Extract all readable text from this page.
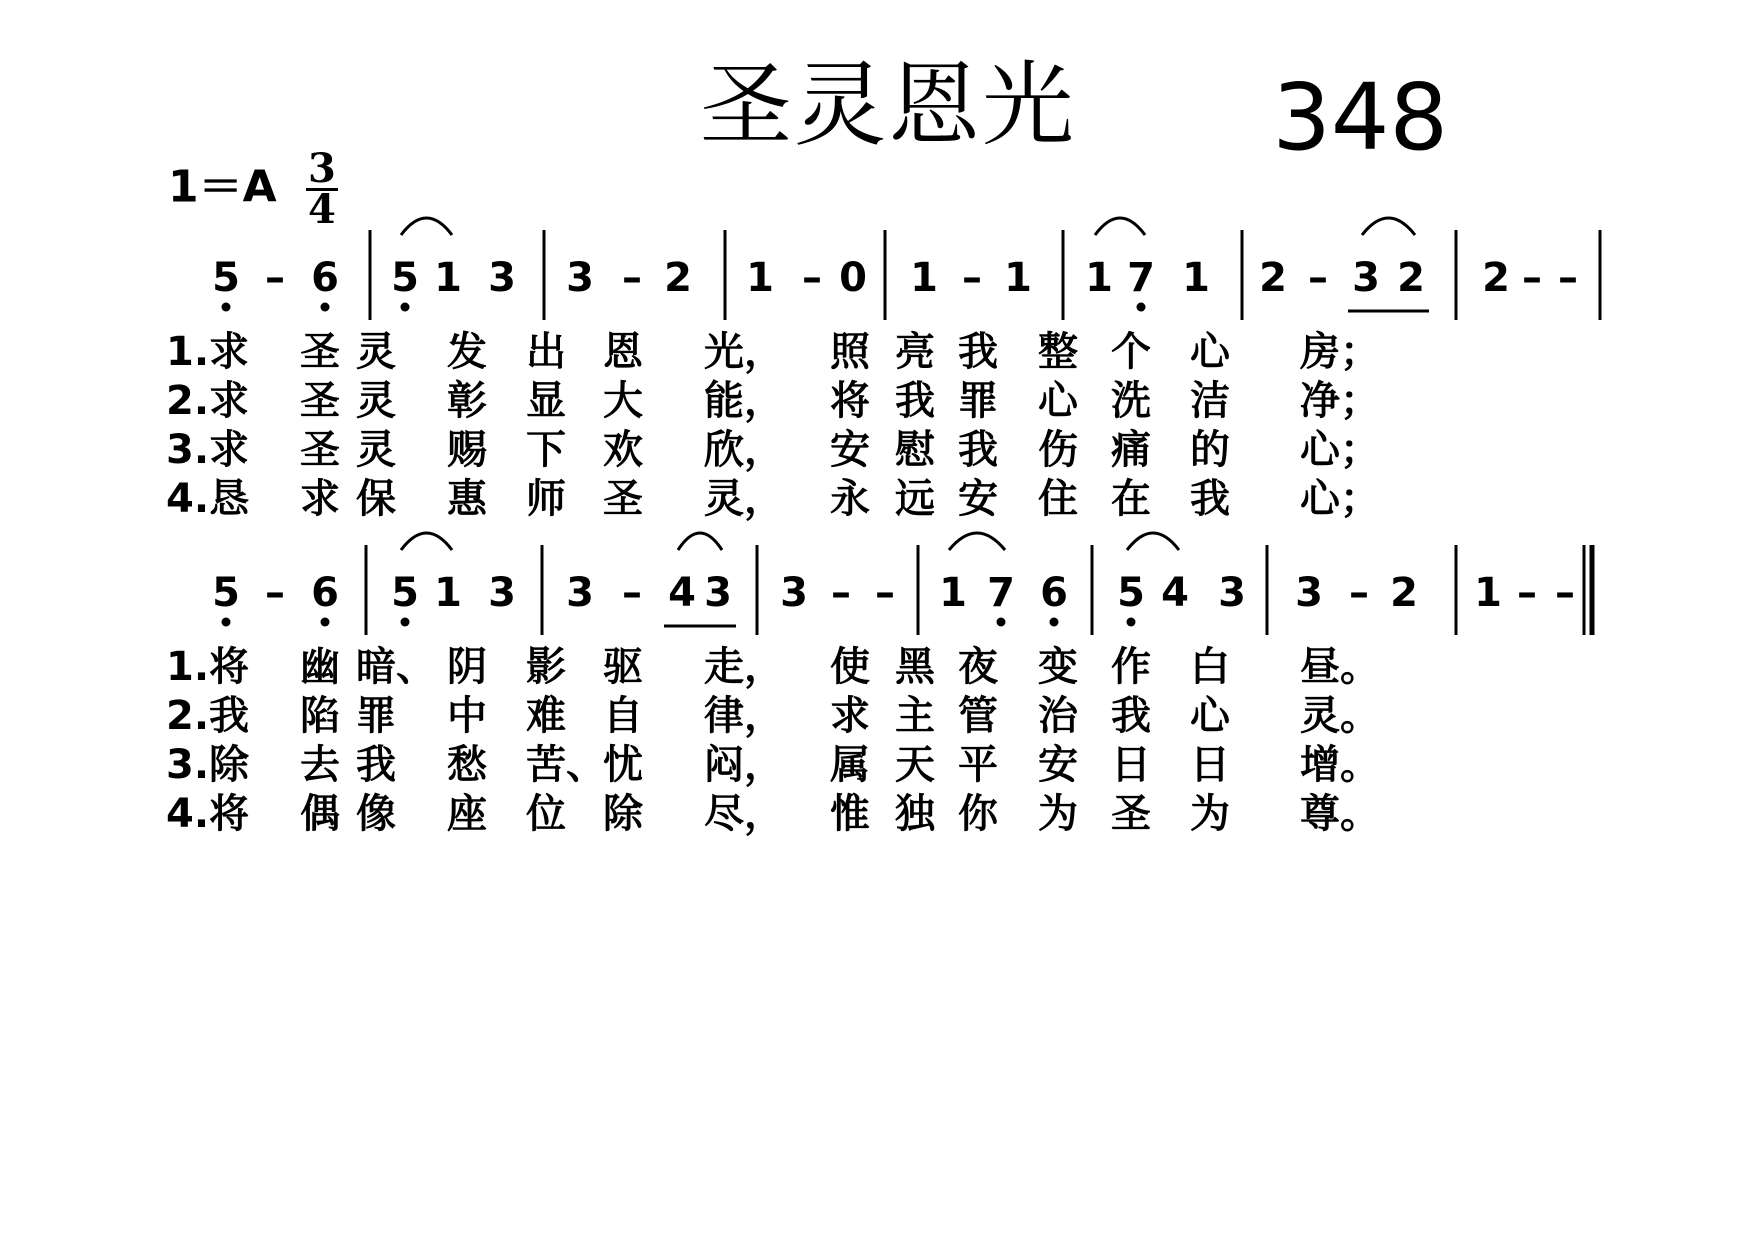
圣灵恩光 348
$1=A \frac{3}{4}$
5 – 6 5 1 3 3 – 2 1 – 0 1 – 1 1 7 1 2 – 3 2 2 – –
5 – 6 5 1 3 3 – 4 3 3 – – 1 7 6 5 4 3 3 – 2 1 – –
1.求 圣 灵 发 出 恩 光， 照 亮 我 整 个 心 房；
2.求 圣 灵 彰 显 大 能， 将 我 罪 心 洗 洁 净；
3.求 圣 灵 赐 下 欢 欣， 安 慰 我 伤 痛 的 心；
4.恳 求 保 惠 师 圣 灵， 永 远 安 住 在 我 心；
1.将 幽 暗、 阴 影 驱 走， 使 黑 夜 变 作 白 昼。
2.我 陷 罪 中 难 自 律， 求 主 管 治 我 心 灵。
3.除 去 我 愁 苦、
忧 闷， 属 天 平 安 日 日 增。
4.将 偶 像 座 位 除 尽， 惟 独 你 为 圣 为 尊。
